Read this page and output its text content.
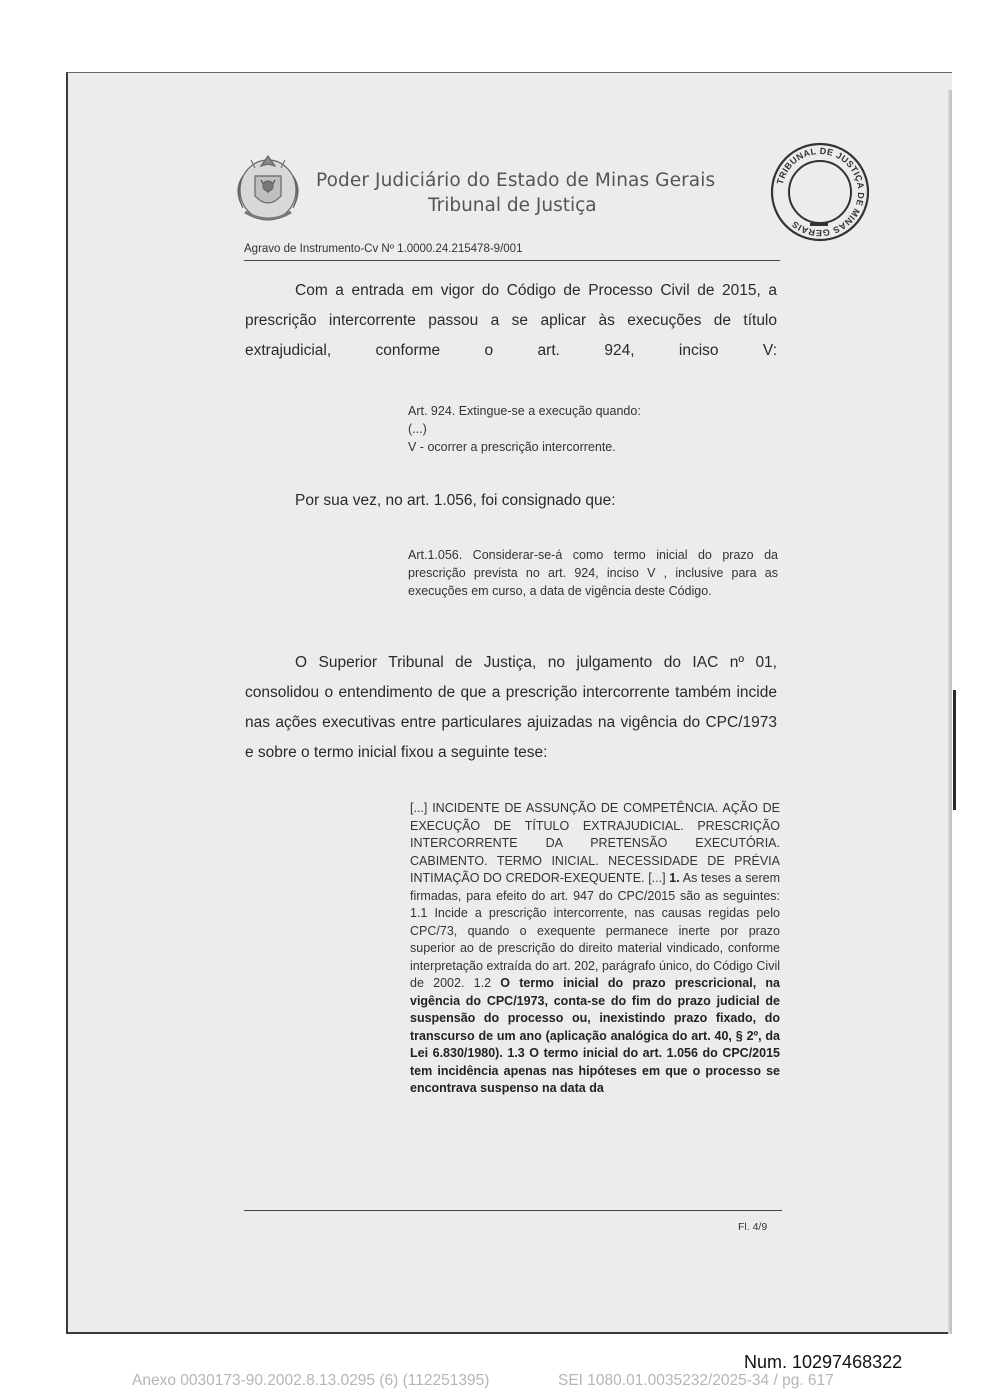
Poder Judiciário do Estado de Minas Gerais
Tribunal de Justiça
TRIBUNAL DE JUSTIÇA DE MINAS GERAIS
Agravo de Instrumento-Cv Nº 1.0000.24.215478-9/001
Com a entrada em vigor do Código de Processo Civil de 2015, a prescrição intercorrente passou a se aplicar às execuções de título extrajudicial, conforme o art. 924, inciso V:
Art. 924. Extingue-se a execução quando:
(...)
V - ocorrer a prescrição intercorrente.
Por sua vez, no art. 1.056, foi consignado que:
Art.1.056. Considerar-se-á como termo inicial do prazo da prescrição prevista no art. 924, inciso V , inclusive para as execuções em curso, a data de vigência deste Código.
O Superior Tribunal de Justiça, no julgamento do IAC nº 01, consolidou o entendimento de que a prescrição intercorrente também incide nas ações executivas entre particulares ajuizadas na vigência do CPC/1973 e sobre o termo inicial fixou a seguinte tese:
[...] INCIDENTE DE ASSUNÇÃO DE COMPETÊNCIA. AÇÃO DE EXECUÇÃO DE TÍTULO EXTRAJUDICIAL. PRESCRIÇÃO INTERCORRENTE DA PRETENSÃO EXECUTÓRIA. CABIMENTO. TERMO INICIAL. NECESSIDADE DE PRÉVIA INTIMAÇÃO DO CREDOR-EXEQUENTE. [...] 1. As teses a serem firmadas, para efeito do art. 947 do CPC/2015 são as seguintes: 1.1 Incide a prescrição intercorrente, nas causas regidas pelo CPC/73, quando o exequente permanece inerte por prazo superior ao de prescrição do direito material vindicado, conforme interpretação extraída do art. 202, parágrafo único, do Código Civil de 2002. 1.2 O termo inicial do prazo prescricional, na vigência do CPC/1973, conta-se do fim do prazo judicial de suspensão do processo ou, inexistindo prazo fixado, do transcurso de um ano (aplicação analógica do art. 40, § 2º, da Lei 6.830/1980). 1.3 O termo inicial do art. 1.056 do CPC/2015 tem incidência apenas nas hipóteses em que o processo se encontrava suspenso na data da
Fl. 4/9
Num. 10297468322
Anexo 0030173-90.2002.8.13.0295 (6) (112251395)	SEI 1080.01.0035232/2025-34 / pg. 617
